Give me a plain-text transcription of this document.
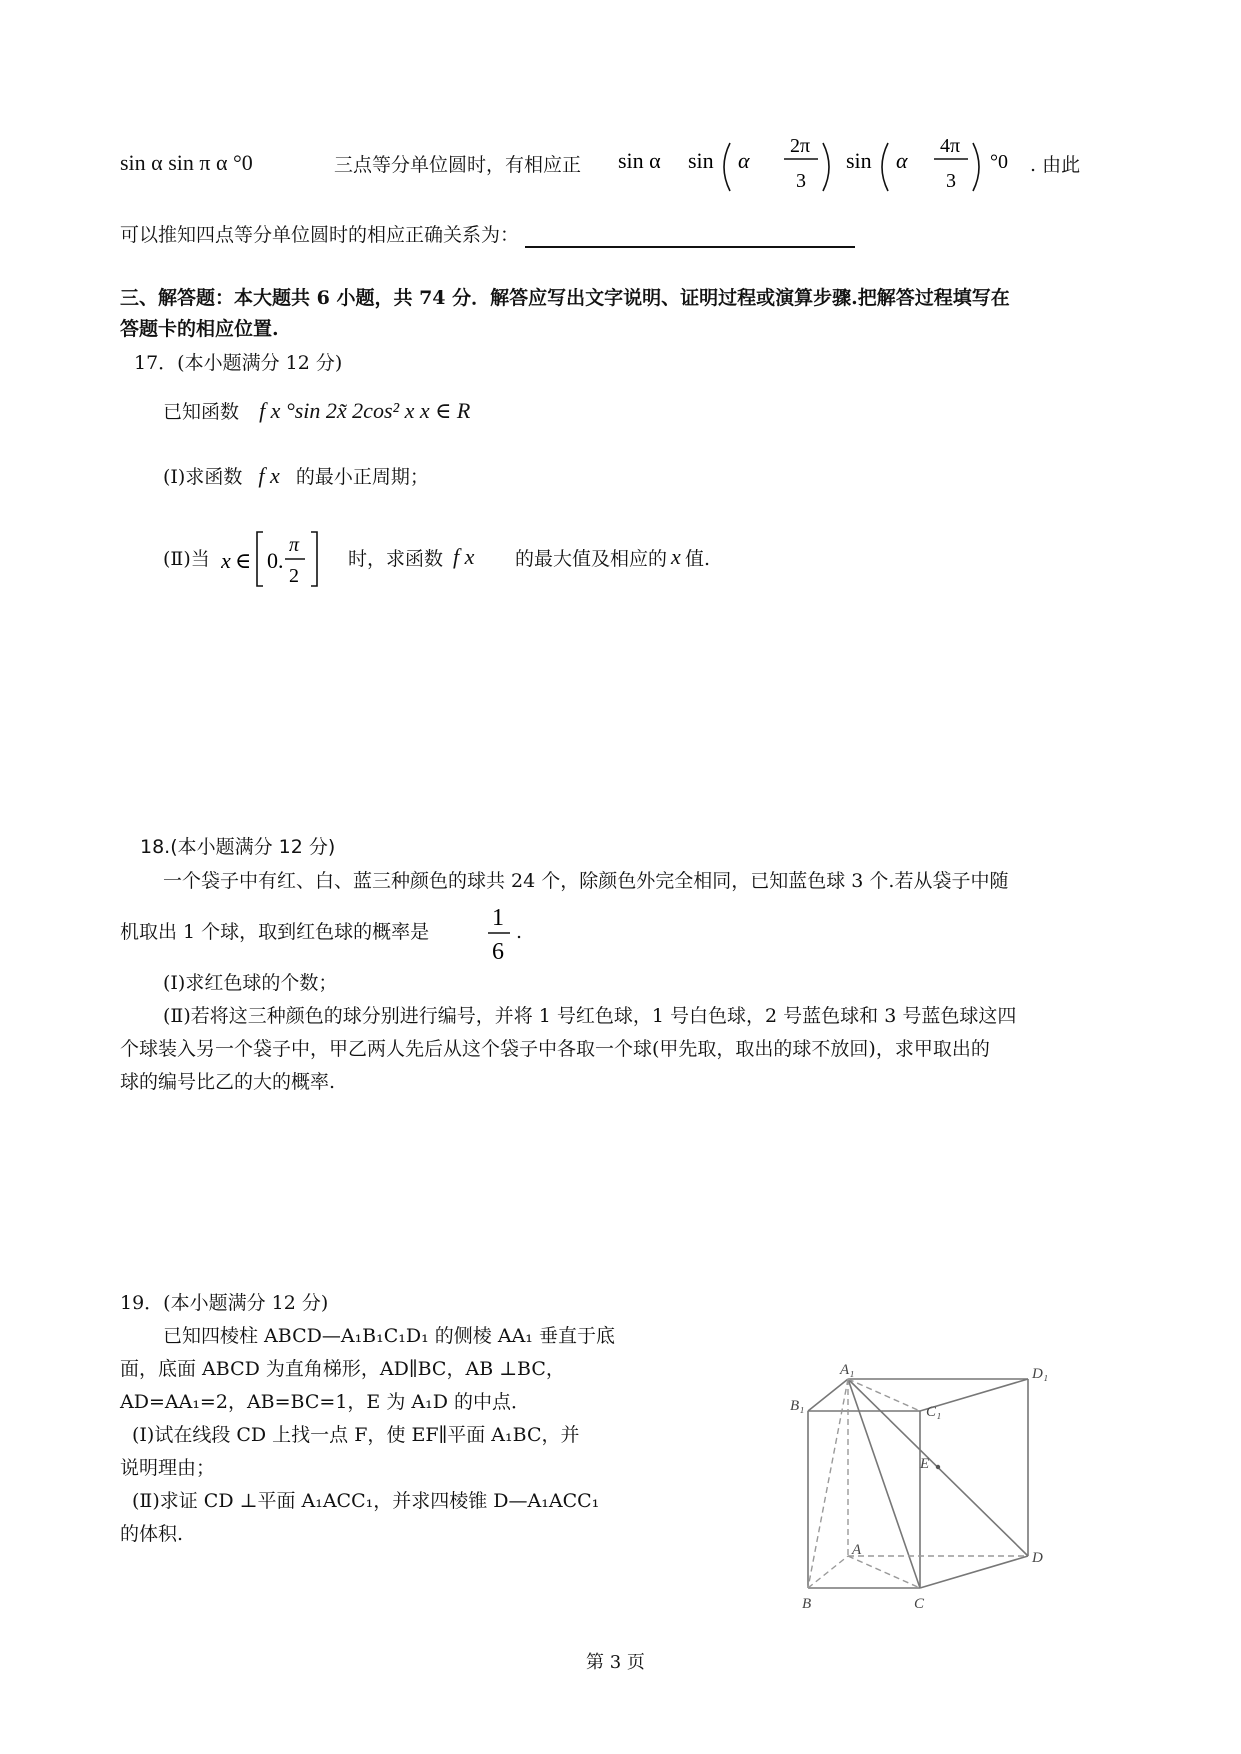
sin α sin π α °0	三点等分单位圆时，有相应正 sin α sin α
2π
3
sin α
4π
3
°0 . 由此
可以推知四点等分单位圆时的相应正确关系为：
三、解答题：本大题共 6 小题，共 74 分．解答应写出文字说明、证明过程或演算步骤.把解答过程填写在
答题卡的相应位置.
17．(本小题满分 12 分)
已知函数 f x °sin 2x̃ 2cos² x x ∈ R
(Ⅰ)求函数 f x 的最小正周期；
(Ⅱ)当 x ∈ 0.
π
2
时，求函数 f x 的最大值及相应的 x 值.
18.(本小题满分 12 分)
一个袋子中有红、白、蓝三种颜色的球共 24 个，除颜色外完全相同，已知蓝色球 3 个.若从袋子中随
机取出 1 个球，取到红色球的概率是
1
6
.
(Ⅰ)求红色球的个数；
(Ⅱ)若将这三种颜色的球分别进行编号，并将 1 号红色球，1 号白色球，2 号蓝色球和 3 号蓝色球这四
个球装入另一个袋子中，甲乙两人先后从这个袋子中各取一个球(甲先取，取出的球不放回)，求甲取出的
球的编号比乙的大的概率.
19．(本小题满分 12 分)
已知四棱柱 ABCD—A₁B₁C₁D₁ 的侧棱 AA₁ 垂直于底
面，底面 ABCD 为直角梯形，AD∥BC，AB ⊥BC，
AD=AA₁=2，AB=BC=1，E 为 A₁D 的中点．
(Ⅰ)试在线段 CD 上找一点 F，使 EF∥平面 A₁BC，并
说明理由；
(Ⅱ)求证 CD ⊥平面 A₁ACC₁，并求四棱锥 D—A₁ACC₁
的体积.
A₁
B₁	C₁
D₁
E
A
B	C
D
第 3 页
